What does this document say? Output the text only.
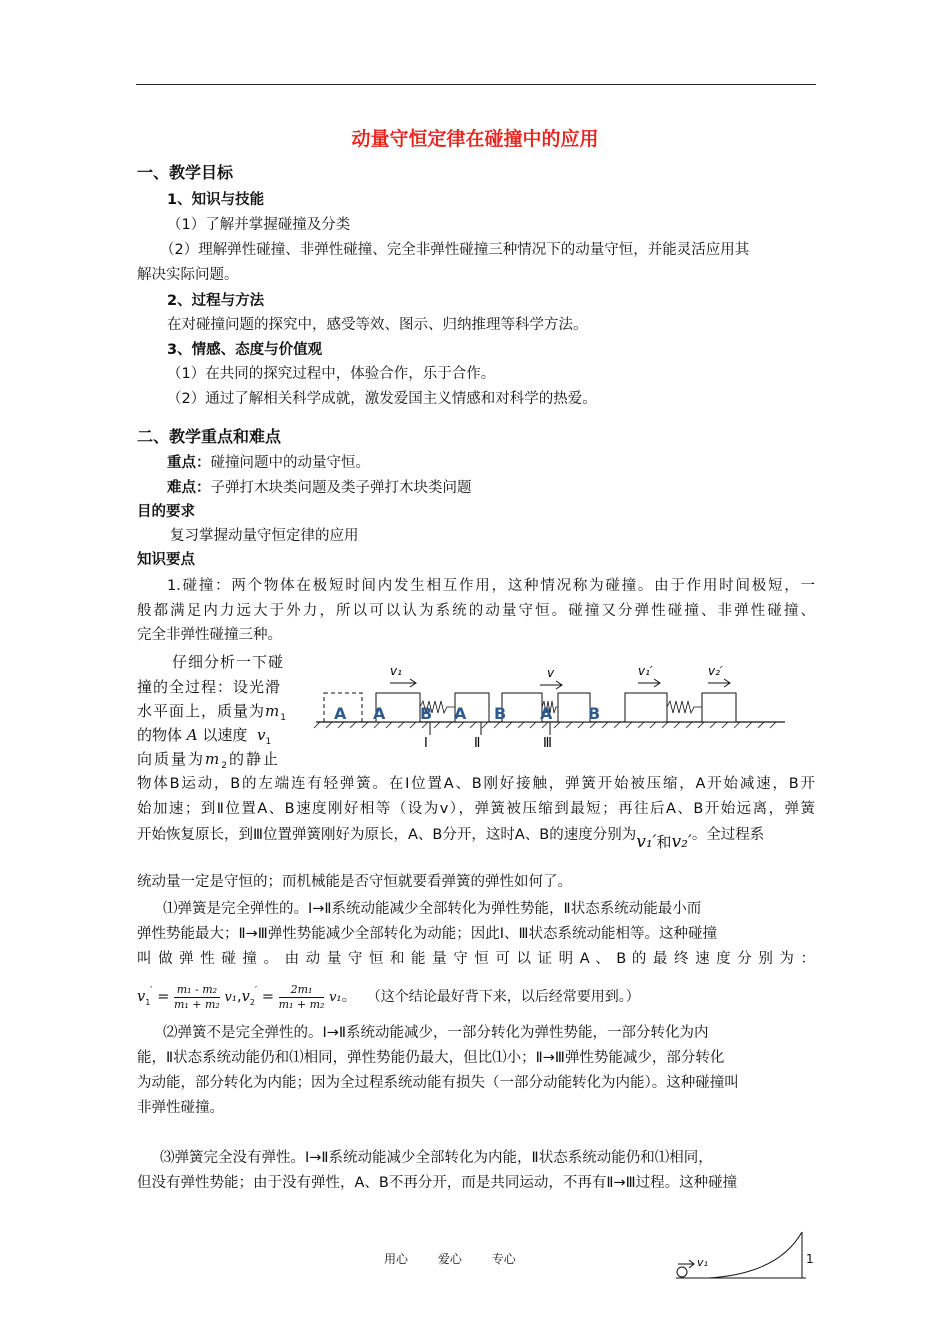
动量守恒定律在碰撞中的应用
一、教学目标
1、知识与技能
（1）了解并掌握碰撞及分类
（2）理解弹性碰撞、非弹性碰撞、完全非弹性碰撞三种情况下的动量守恒，并能灵活应用其
解决实际问题。
2、过程与方法
在对碰撞问题的探究中，感受等效、图示、归纳推理等科学方法。
3、情感、态度与价值观
（1）在共同的探究过程中，体验合作，乐于合作。
（2）通过了解相关科学成就，激发爱国主义情感和对科学的热爱。
二、教学重点和难点
重点：碰撞问题中的动量守恒。
难点：子弹打木块类问题及类子弹打木块类问题
目的要求
复习掌握动量守恒定律的应用
知识要点
1.碰撞：两个物体在极短时间内发生相互作用，这种情况称为碰撞。由于作用时间极短，一
般都满足内力远大于外力，所以可以认为系统的动量守恒。碰撞又分弹性碰撞、非弹性碰撞、
完全非弹性碰撞三种。
仔细分析一下碰
撞的全过程：设光滑
水平面上，质量为$m_1$
的物体 A 以速度 $v_1$
向质量为$m_2$的静止
A A B A B A B
Ⅰ	Ⅱ	Ⅲ
v₁	v	v₁′	v₂′
物体B运动，B的左端连有轻弹簧。在Ⅰ位置A、B刚好接触，弹簧开始被压缩，A开始减速，B开
始加速；到Ⅱ位置A、B速度刚好相等（设为v），弹簧被压缩到最短；再往后A、B开始远离，弹簧
开始恢复原长，到Ⅲ位置弹簧刚好为原长，A、B分开，这时A、B的速度分别为v₁′和v₂′。全过程系
统动量一定是守恒的；而机械能是否守恒就要看弹簧的弹性如何了。
⑴弹簧是完全弹性的。Ⅰ→Ⅱ系统动能减少全部转化为弹性势能，Ⅱ状态系统动能最小而
弹性势能最大；Ⅱ→Ⅲ弹性势能减少全部转化为动能；因此Ⅰ、Ⅲ状态系统动能相等。这种碰撞
叫 做 弹 性 碰 撞 。 由 动 量 守 恒 和 能 量 守 恒 可 以 证 明 A 、 B 的 最 终 速 度 分 别 为 ：
$v_1' = \frac{\text{m₁ - m₂}}{\text{m₁ + m₂}} v_1,v_2' = \frac{\text{2m₁}}{\text{m₁ + m₂}} v_1$。 （这个结论最好背下来，以后经常要用到。）
⑵弹簧不是完全弹性的。Ⅰ→Ⅱ系统动能减少，一部分转化为弹性势能，一部分转化为内
能，Ⅱ状态系统动能仍和⑴相同，弹性势能仍最大，但比⑴小；Ⅱ→Ⅲ弹性势能减少，部分转化
为动能，部分转化为内能；因为全过程系统动能有损失（一部分动能转化为内能）。这种碰撞叫
非弹性碰撞。
⑶弹簧完全没有弹性。Ⅰ→Ⅱ系统动能减少全部转化为内能，Ⅱ状态系统动能仍和⑴相同，
但没有弹性势能；由于没有弹性，A、B不再分开，而是共同运动，不再有Ⅱ→Ⅲ过程。这种碰撞
用心 爱心 专心	v₁	1
